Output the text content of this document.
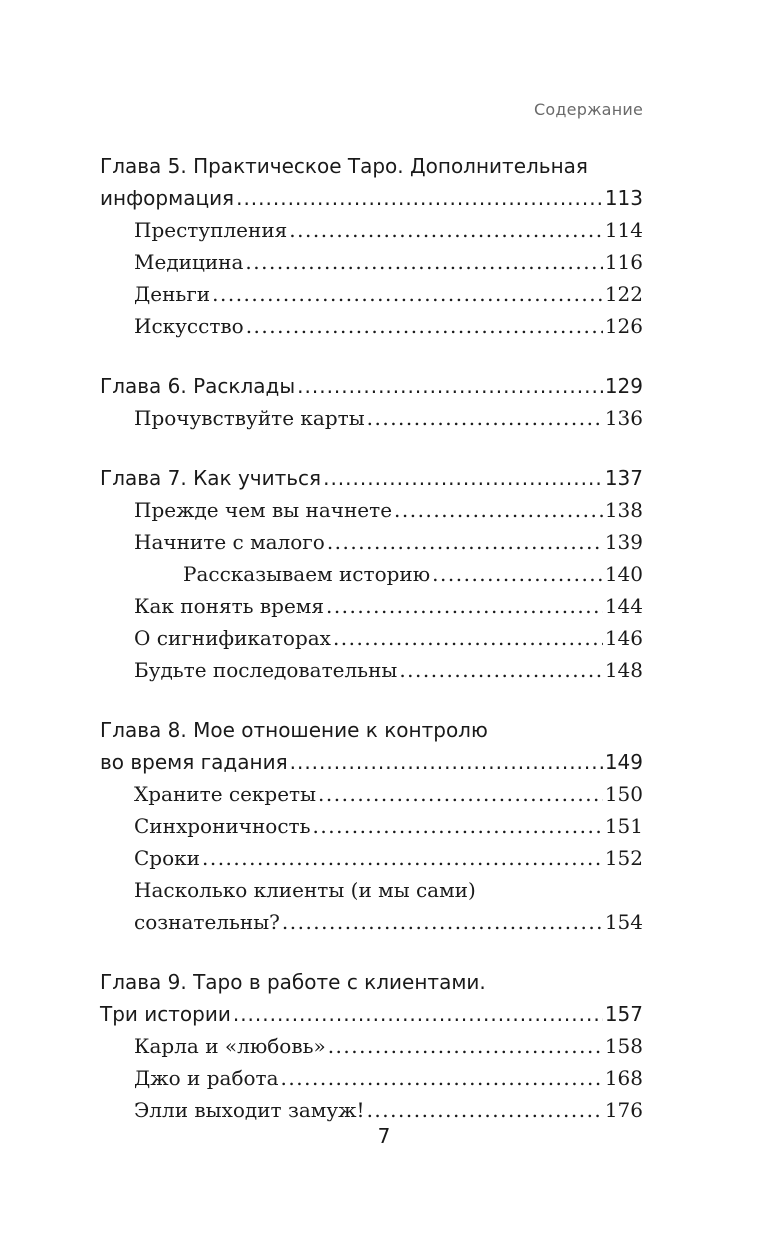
Содержание
Глава 5. Практическое Таро. Дополнительная
информация .....	113
Преступления .....	114
Медицина .....	116
Деньги .....	122
Искусство .....	126
Глава 6. Расклады .....	129
Прочувствуйте карты .....	136
Глава 7. Как учиться .....	137
Прежде чем вы начнете .....	138
Начните с малого .....	139
Рассказываем историю .....	140
Как понять время .....	144
О сигнификаторах .....	146
Будьте последовательны .....	148
Глава 8. Мое отношение к контролю
во время гадания .....	149
Храните секреты .....	150
Синхроничность .....	151
Сроки .....	152
Насколько клиенты (и мы сами)
сознательны? .....	154
Глава 9. Таро в работе с клиентами.
Три истории .....	157
Карла и «любовь» .....	158
Джо и работа .....	168
Элли выходит замуж! .....	176
7
